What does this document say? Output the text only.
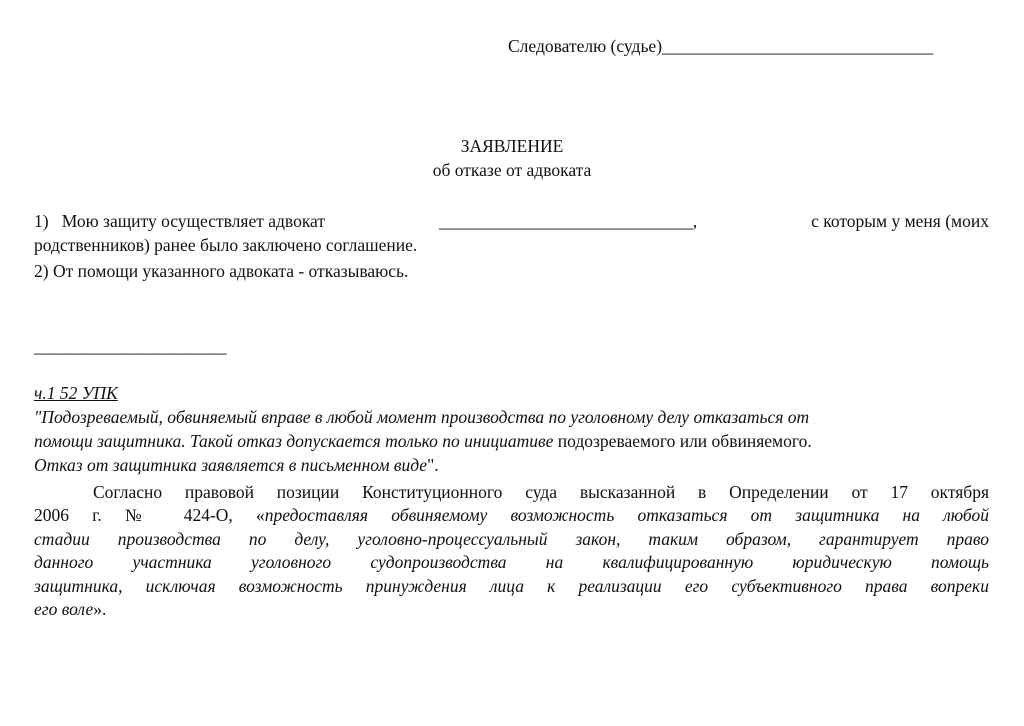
Следователю (судье)_______________________________
ЗАЯВЛЕНИЕ
об отказе от адвоката
1)   Мою защиту осуществляет адвокат	_____________________________,	с которым у меня (моих
родственников) ранее было заключено соглашение.
2) От помощи указанного адвоката - отказываюсь.
______________________
ч.1 52 УПК
"Подозреваемый, обвиняемый вправе в любой момент производства по уголовному делу отказаться от
помощи защитника. Такой отказ допускается только по инициативе подозреваемого или обвиняемого.
Отказ от защитника заявляется в письменном виде".
Согласно правовой позиции Конституционного суда высказанной в Определении от 17 октября
2006 г. № 424-О, «предоставляя обвиняемому возможность отказаться от защитника на любой
стадии производства по делу, уголовно-процессуальный закон, таким образом, гарантирует право
данного участника уголовного судопроизводства на квалифицированную юридическую помощь
защитника, исключая возможность принуждения лица к реализации его субъективного права вопреки
его воле».
